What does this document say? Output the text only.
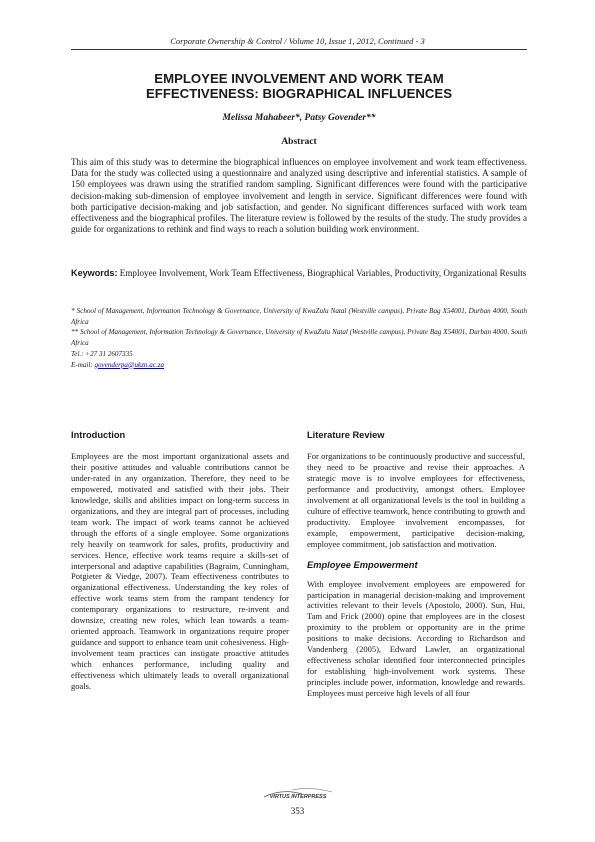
Corporate Ownership & Control / Volume 10, Issue 1, 2012, Continued - 3
EMPLOYEE INVOLVEMENT AND WORK TEAM
EFFECTIVENESS: BIOGRAPHICAL INFLUENCES
Melissa Mahabeer*, Patsy Govender**
Abstract

This aim of this study was to determine the biographical influences on employee involvement and work team effectiveness. Data for the study was collected using a questionnaire and analyzed using descriptive and inferential statistics. A sample of 150 employees was drawn using the stratified random sampling. Significant differences were found with the participative decision-making sub-dimension of employee involvement and length in service. Significant differences were found with both participative decision-making and job satisfaction, and gender. No significant differences surfaced with work team effectiveness and the biographical profiles. The literature review is followed by the results of the study. The study provides a guide for organizations to rethink and find ways to reach a solution building work environment.

Keywords: Employee Involvement, Work Team Effectiveness, Biographical Variables, Productivity, Organizational Results

* School of Management, Information Technology & Governance, University of KwaZulu Natal (Westville campus), Private Bag X54001, Durban 4000, South Africa
** School of Management, Information Technology & Governance, University of KwaZulu Natal (Westville campus), Private Bag X54001, Durban 4000, South Africa
Tel.: +27 31 2607335
E-mail: govenderpa@ukzn.ac.za
Introduction

Employees are the most important organizational assets and their positive attitudes and valuable contributions cannot be under-rated in any organization. Therefore, they need to be empowered, motivated and satisfied with their jobs. Their knowledge, skills and abilities impact on long-term success in organizations, and they are integral part of processes, including team work. The impact of work teams cannot be achieved through the efforts of a single employee. Some organizations rely heavily on teamwork for sales, profits, productivity and services. Hence, effective work teams require a skills-set of interpersonal and adaptive capabilities (Bagraim, Cunningham, Potgieter & Viedge, 2007). Team effectiveness contributes to organizational effectiveness. Understanding the key roles of effective work teams stem from the rampant tendency for contemporary organizations to restructure, re-invent and downsize, creating new roles, which lean towards a team-oriented approach. Teamwork in organizations require proper guidance and support to enhance team unit cohesiveness. High-involvement team practices can instigate proactive attitudes which enhances performance, including quality and effectiveness which ultimately leads to overall organizational goals.

Literature Review

For organizations to be continuously productive and successful, they need to be proactive and revise their approaches. A strategic move is to involve employees for effectiveness, performance and productivity, amongst others. Employee involvement at all organizational levels is the tool in building a culture of effective teamwork, hence contributing to growth and productivity. Employee involvement encompasses, for example, empowerment, participative decision-making, employee commitment, job satisfaction and motivation.

Employee Empowerment

With employee involvement employees are empowered for participation in managerial decision-making and improvement activities relevant to their levels (Apostolo, 2000). Sun, Hui, Tam and Frick (2000) opine that employees are in the closest proximity to the problem or opportunity are in the prime positions to make decisions. According to Richardson and Vandenberg (2005), Edward Lawler, an organizational effectiveness scholar identified four interconnected principles for establishing high-involvement work systems. These principles include power, information, knowledge and rewards. Employees must perceive high levels of all four

VIRTUS INTERPRESS
353
